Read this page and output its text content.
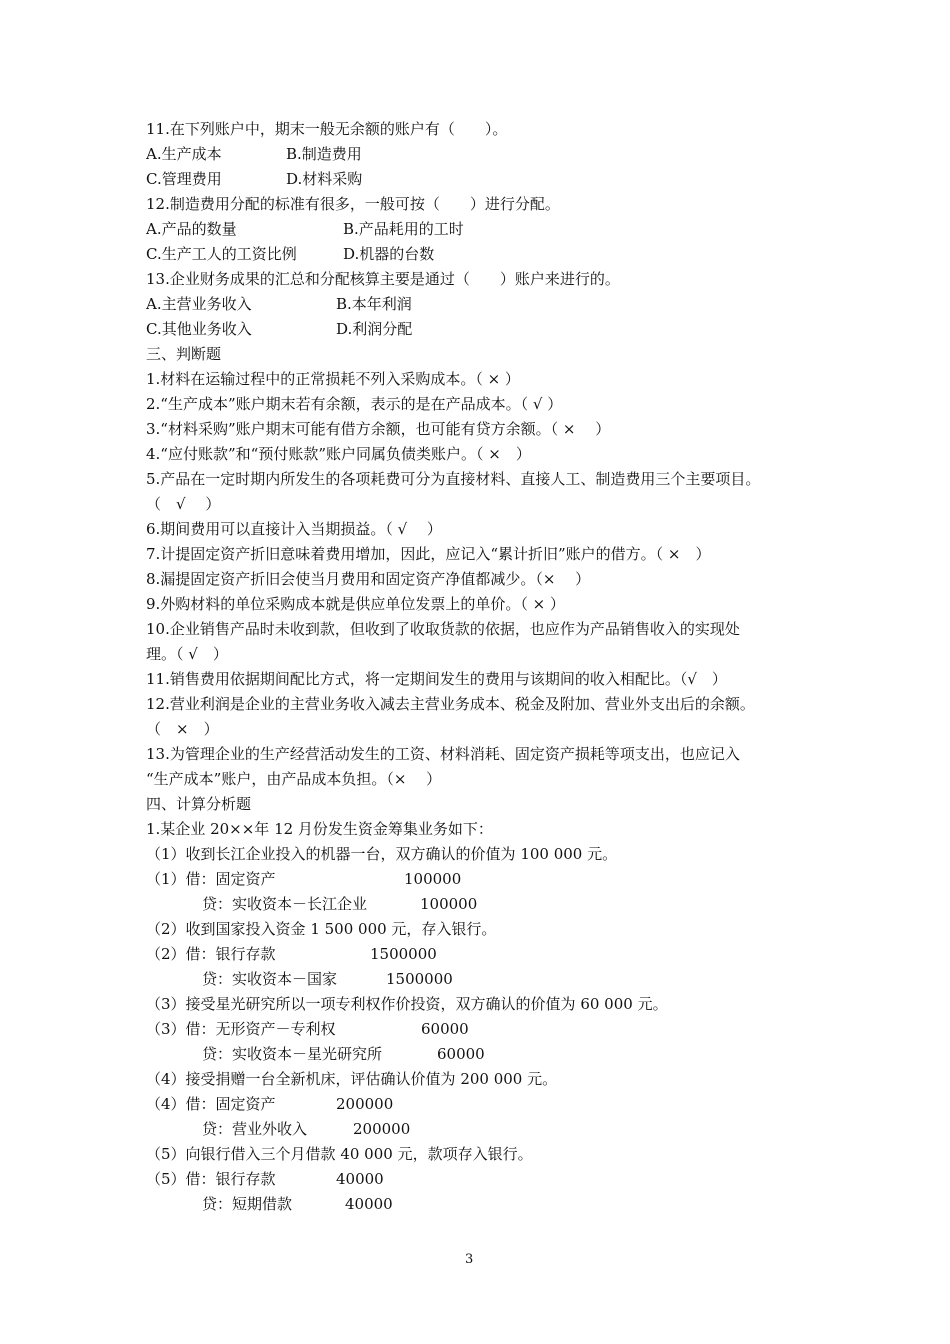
11.在下列账户中，期末一般无余额的账户有（　　）。
A.生产成本	B.制造费用
C.管理费用	D.材料采购
12.制造费用分配的标准有很多，一般可按（　　）进行分配。
A.产品的数量	B.产品耗用的工时
C.生产工人的工资比例	D.机器的台数
13.企业财务成果的汇总和分配核算主要是通过（　　）账户来进行的。
A.主营业务收入	B.本年利润
C.其他业务收入	D.利润分配
三、判断题
1.材料在运输过程中的正常损耗不列入采购成本。（ × ）
2.“生产成本”账户期末若有余额，表示的是在产品成本。（ √ ）
3.“材料采购”账户期末可能有借方余额，也可能有贷方余额。（ ×　 ）
4.“应付账款”和“预付账款”账户同属负债类账户。（ ×　）
5.产品在一定时期内所发生的各项耗费可分为直接材料、直接人工、制造费用三个主要项目。
（　√　 ）
6.期间费用可以直接计入当期损益。（ √　 ）
7.计提固定资产折旧意味着费用增加，因此，应记入“累计折旧”账户的借方。（ ×　）
8.漏提固定资产折旧会使当月费用和固定资产净值都减少。（×　 ）
9.外购材料的单位采购成本就是供应单位发票上的单价。（ × ）
10.企业销售产品时未收到款，但收到了收取货款的依据，也应作为产品销售收入的实现处
理。（ √　）
11.销售费用依据期间配比方式，将一定期间发生的费用与该期间的收入相配比。（√　）
12.营业利润是企业的主营业务收入减去主营业务成本、税金及附加、营业外支出后的余额。
（　×　）
13.为管理企业的生产经营活动发生的工资、材料消耗、固定资产损耗等项支出，也应记入
“生产成本”账户，由产品成本负担。（×　 ）
四、计算分析题
1.某企业 20××年 12 月份发生资金筹集业务如下：
（1）收到长江企业投入的机器一台，双方确认的价值为 100 000 元。
（1）借：固定资产	100000
贷：实收资本－长江企业	100000
（2）收到国家投入资金 1 500 000 元，存入银行。
（2）借：银行存款	1500000
贷：实收资本－国家	1500000
（3）接受星光研究所以一项专利权作价投资，双方确认的价值为 60 000 元。
（3）借：无形资产－专利权	60000
贷：实收资本－星光研究所	60000
（4）接受捐赠一台全新机床，评估确认价值为 200 000 元。
（4）借：固定资产	200000
贷：营业外收入	200000
（5）向银行借入三个月借款 40 000 元，款项存入银行。
（5）借：银行存款	40000
贷：短期借款	40000
3
